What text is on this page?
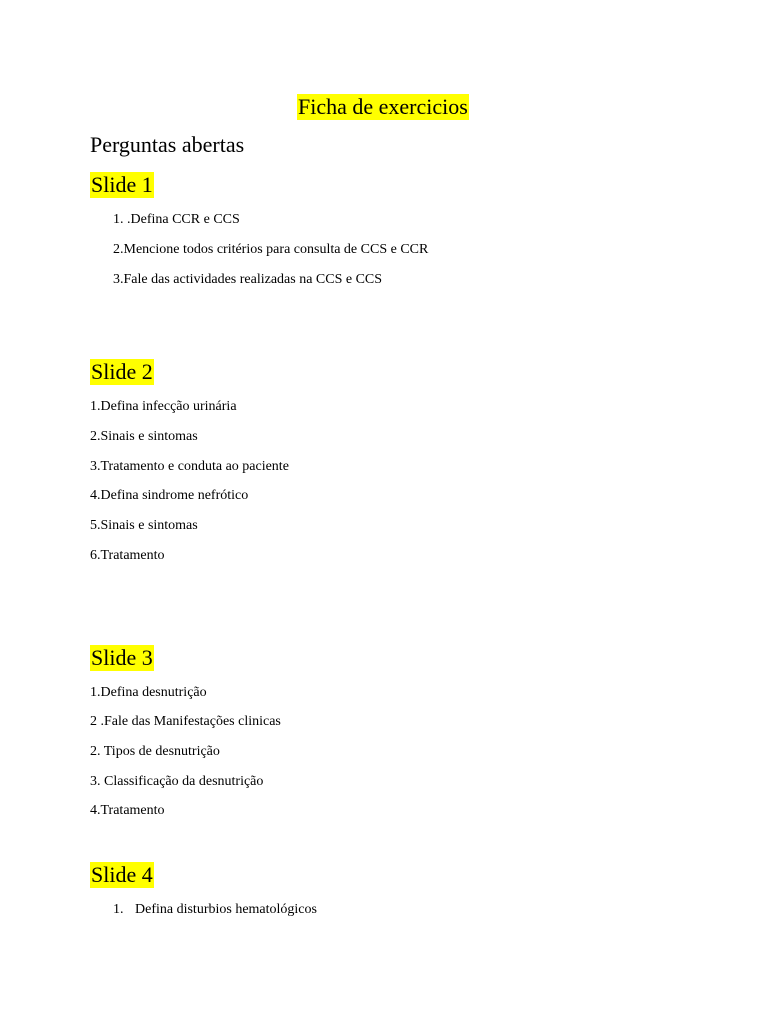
Ficha de exercicios
Perguntas abertas
Slide 1
1. .Defina CCR e CCS
2.Mencione todos critérios para consulta de CCS e CCR
3.Fale das actividades realizadas na CCS e CCS
Slide 2
1.Defina infecção urinária
2.Sinais e sintomas
3.Tratamento e conduta ao paciente
4.Defina sindrome nefrótico
5.Sinais e sintomas
6.Tratamento
Slide 3
1.Defina desnutrição
2 .Fale das Manifestações clinicas
2. Tipos de desnutrição
3. Classificação da desnutrição
4.Tratamento
Slide 4
1. Defina disturbios hematológicos
